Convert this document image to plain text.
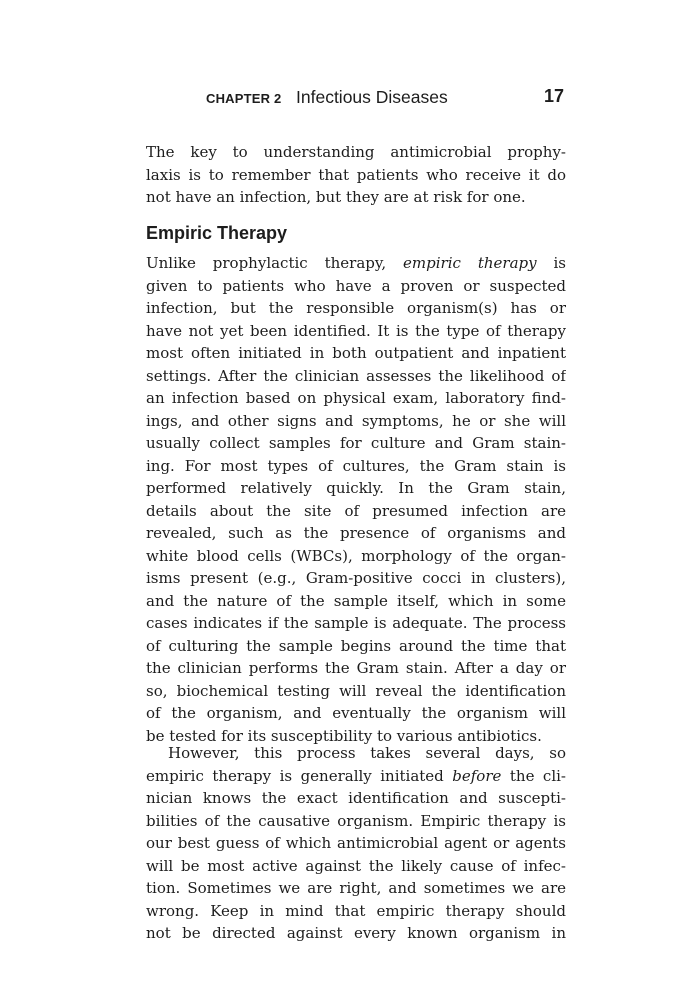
CHAPTER 2 Infectious Diseases	17
The key to understanding antimicrobial prophy-
laxis is to remember that patients who receive it do
not have an infection, but they are at risk for one.
Empiric Therapy
Unlike prophylactic therapy, empiric therapy is
given to patients who have a proven or suspected
infection, but the responsible organism(s) has or
have not yet been identified. It is the type of therapy
most often initiated in both outpatient and inpatient
settings. After the clinician assesses the likelihood of
an infection based on physical exam, laboratory find-
ings, and other signs and symptoms, he or she will
usually collect samples for culture and Gram stain-
ing. For most types of cultures, the Gram stain is
performed relatively quickly. In the Gram stain,
details about the site of presumed infection are
revealed, such as the presence of organisms and
white blood cells (WBCs), morphology of the organ-
isms present (e.g., Gram-positive cocci in clusters),
and the nature of the sample itself, which in some
cases indicates if the sample is adequate. The process
of culturing the sample begins around the time that
the clinician performs the Gram stain. After a day or
so, biochemical testing will reveal the identification
of the organism, and eventually the organism will
be tested for its susceptibility to various antibiotics.
However, this process takes several days, so
empiric therapy is generally initiated before the cli-
nician knows the exact identification and suscepti-
bilities of the causative organism. Empiric therapy is
our best guess of which antimicrobial agent or agents
will be most active against the likely cause of infec-
tion. Sometimes we are right, and sometimes we are
wrong. Keep in mind that empiric therapy should
not be directed against every known organism in
